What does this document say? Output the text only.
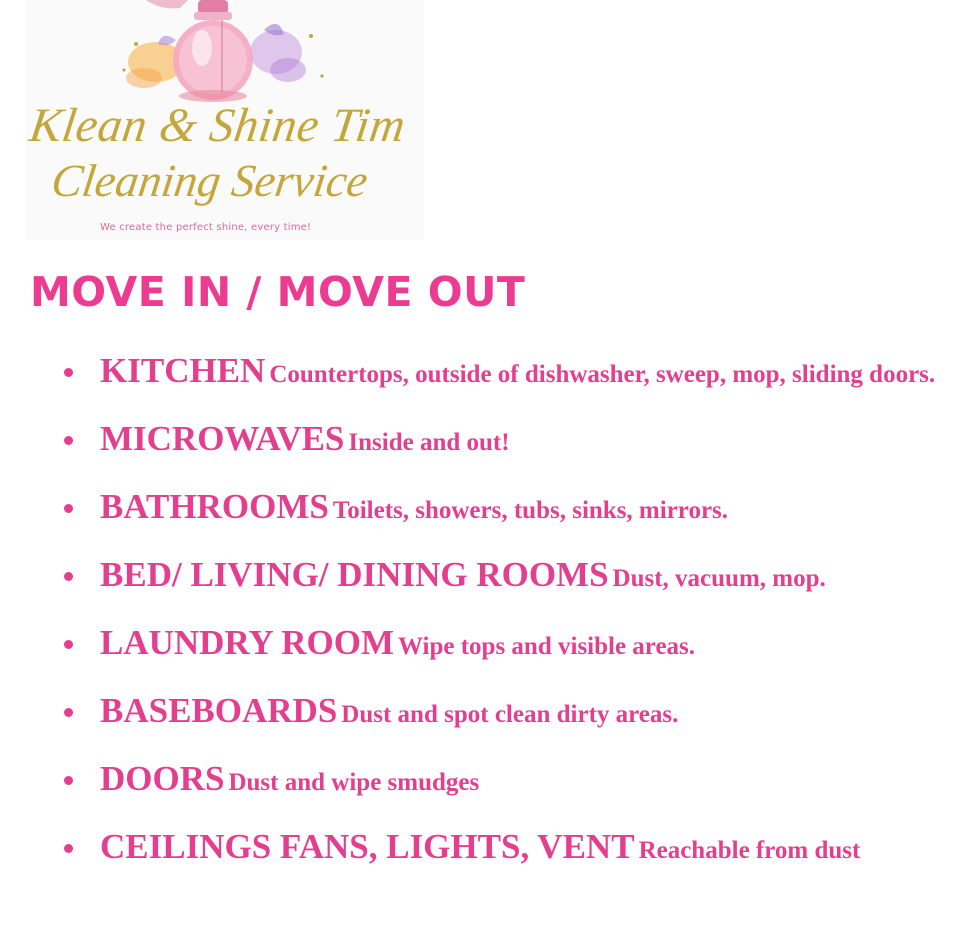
Klean & Shine Tim
Cleaning Service
We create the perfect shine, every time!
MOVE IN / MOVE OUT
KITCHEN Countertops, outside of dishwasher, sweep, mop, sliding doors.
MICROWAVES Inside and out!
BATHROOMS Toilets, showers, tubs, sinks, mirrors.
BED/ LIVING/ DINING ROOMS Dust, vacuum, mop.
LAUNDRY ROOM Wipe tops and visible areas.
BASEBOARDS Dust and spot clean dirty areas.
DOORS Dust and wipe smudges
CEILINGS FANS, LIGHTS, VENT Reachable from dust
